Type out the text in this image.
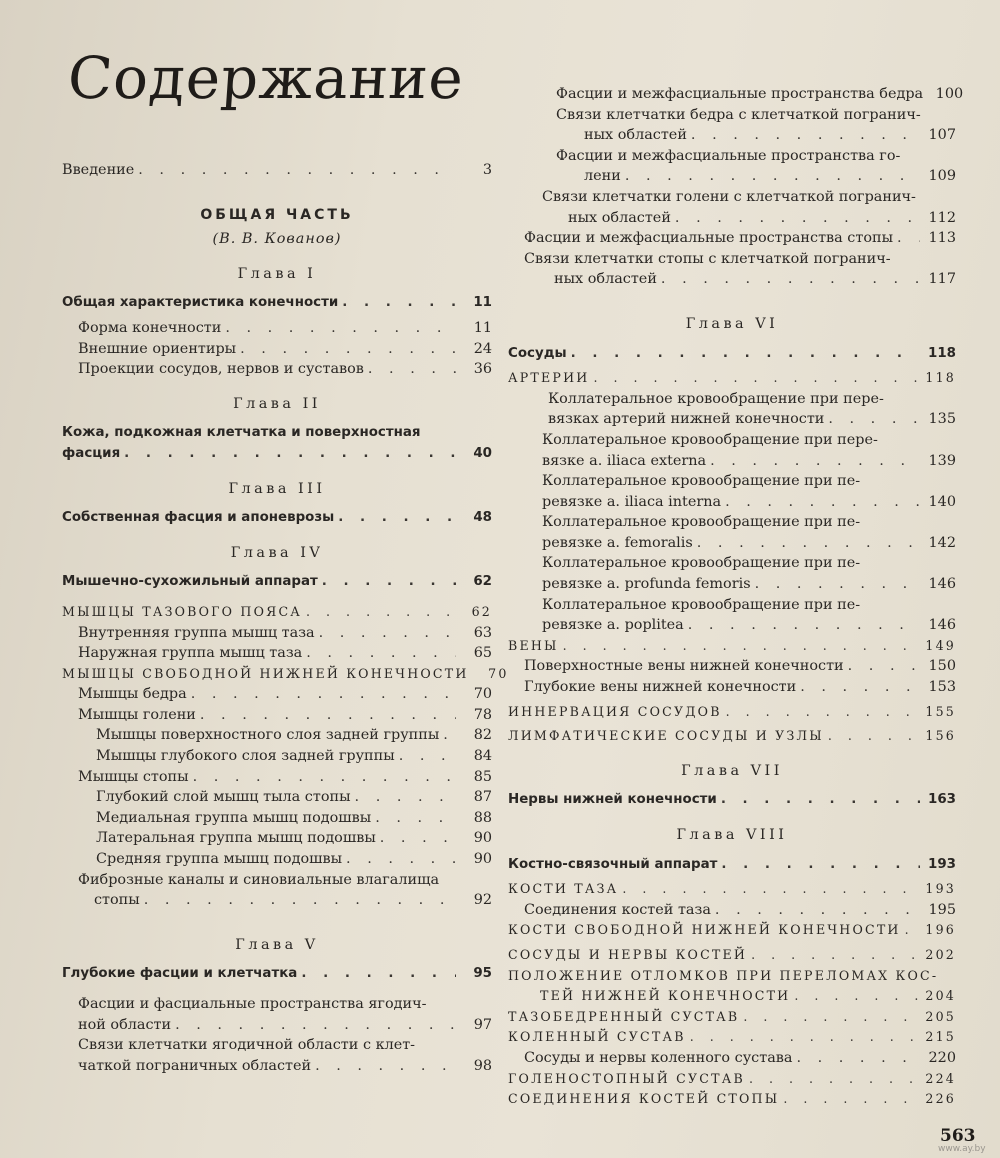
Содержание
Введение . . .	3
ОБЩАЯ ЧАСТЬ
(В. В. Кованов)
Глава I
Общая характеристика конечности . . .	11
Форма конечности . . .	11
Внешние ориентиры . . .	24
Проекции сосудов, нервов и суставов . . .	36
Глава II
Кожа, подкожная клетчатка и поверхностная
фасция . . .	40
Глава III
Собственная фасция и апоневрозы . . .	48
Глава IV
Мышечно-сухожильный аппарат . . .	62
МЫШЦЫ ТАЗОВОГО ПОЯСА . . .	62
Внутренняя группа мышц таза . . .	63
Наружная группа мышц таза . . .	65
МЫШЦЫ СВОБОДНОЙ НИЖНЕЙ КОНЕЧНОСТИ	70
Мышцы бедра . . .	70
Мышцы голени . . .	78
Мышцы поверхностного слоя задней группы . . .	82
Мышцы глубокого слоя задней группы . . .	84
Мышцы стопы . . .	85
Глубокий слой мышц тыла стопы . . .	87
Медиальная группа мышц подошвы . . .	88
Латеральная группа мышц подошвы . . .	90
Средняя группа мышц подошвы . . .	90
Фиброзные каналы и синовиальные влагалища
стопы . . .	92
Глава V
Глубокие фасции и клетчатка . . .	95
Фасции и фасциальные пространства ягодич-
ной области . . .	97
Связи клетчатки ягодичной области с клет-
чаткой пограничных областей . . .	98
Фасции и межфасциальные пространства бедра 100
Связи клетчатки бедра с клетчаткой погранич-
ных областей . . .	107
Фасции и межфасциальные пространства го-
лени . . .	109
Связи клетчатки голени с клетчаткой погранич-
ных областей . . .	112
Фасции и межфасциальные пространства стопы . . .	113
Связи клетчатки стопы с клетчаткой погранич-
ных областей . . .	117
Глава VI
Сосуды . . .	118
АРТЕРИИ . . .	118
Коллатеральное кровообращение при пере-
вязках артерий нижней конечности . . .	135
Коллатеральное кровообращение при пере-
вязке a. iliaca externa . . .	139
Коллатеральное кровообращение при пе-
ревязке a. iliaca interna . . .	140
Коллатеральное кровообращение при пе-
ревязке a. femoralis . . .	142
Коллатеральное кровообращение при пе-
ревязке a. profunda femoris . . .	146
Коллатеральное кровообращение при пе-
ревязке a. poplitea . . .	146
ВЕНЫ . . .	149
Поверхностные вены нижней конечности . . .	150
Глубокие вены нижней конечности . . .	153
ИННЕРВАЦИЯ СОСУДОВ . . .	155
ЛИМФАТИЧЕСКИЕ СОСУДЫ И УЗЛЫ . . .	156
Глава VII
Нервы нижней конечности . . .	163
Глава VIII
Костно-связочный аппарат . . .	193
КОСТИ ТАЗА . . .	193
Соединения костей таза . . .	195
КОСТИ СВОБОДНОЙ НИЖНЕЙ КОНЕЧНОСТИ . . .	196
СОСУДЫ И НЕРВЫ КОСТЕЙ . . .	202
ПОЛОЖЕНИЕ ОТЛОМКОВ ПРИ ПЕРЕЛОМАХ КОС-
ТЕЙ НИЖНЕЙ КОНЕЧНОСТИ . . .	204
ТАЗОБЕДРЕННЫЙ СУСТАВ . . .	205
КОЛЕННЫЙ СУСТАВ . . .	215
Сосуды и нервы коленного сустава . . .	220
ГОЛЕНОСТОПНЫЙ СУСТАВ . . .	224
СОЕДИНЕНИЯ КОСТЕЙ СТОПЫ . . .	226
563
www.ay.by
